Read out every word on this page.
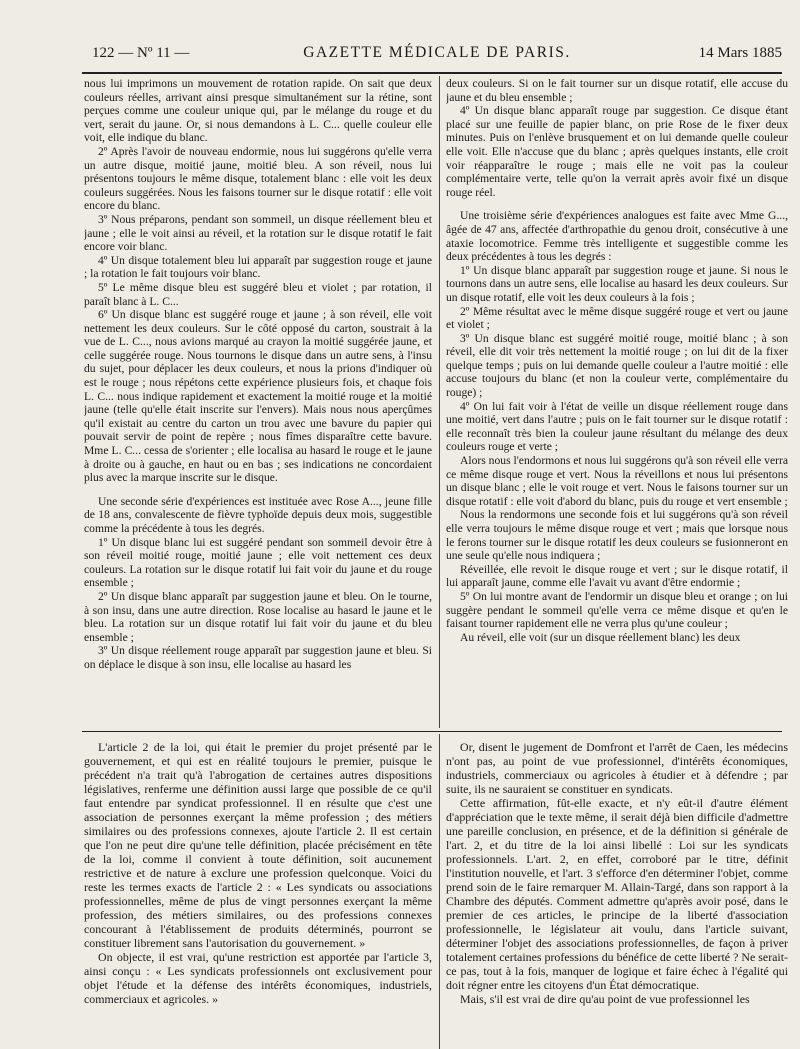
122 — Nº 11 —	GAZETTE MÉDICALE DE PARIS.	14 Mars 1885

nous lui imprimons un mouvement de rotation rapide. On sait que deux couleurs réelles, arrivant ainsi presque simultanément sur la rétine, sont perçues comme une couleur unique qui, par le mélange du rouge et du vert, serait du jaune. Or, si nous demandons à L. C... quelle couleur elle voit, elle indique du blanc.

2º Après l'avoir de nouveau endormie, nous lui suggérons qu'elle verra un autre disque, moitié jaune, moitié bleu. A son réveil, nous lui présentons toujours le même disque, totalement blanc : elle voit les deux couleurs suggérées. Nous les faisons tourner sur le disque rotatif : elle voit encore du blanc.

3º Nous préparons, pendant son sommeil, un disque réellement bleu et jaune ; elle le voit ainsi au réveil, et la rotation sur le disque rotatif le fait encore voir blanc.

4º Un disque totalement bleu lui apparaît par suggestion rouge et jaune ; la rotation le fait toujours voir blanc.

5º Le même disque bleu est suggéré bleu et violet ; par rotation, il paraît blanc à L. C...

6º Un disque blanc est suggéré rouge et jaune ; à son réveil, elle voit nettement les deux couleurs. Sur le côté opposé du carton, soustrait à la vue de L. C..., nous avions marqué au crayon la moitié suggérée jaune, et celle suggérée rouge. Nous tournons le disque dans un autre sens, à l'insu du sujet, pour déplacer les deux couleurs, et nous la prions d'indiquer où est le rouge ; nous répétons cette expérience plusieurs fois, et chaque fois L. C... nous indique rapidement et exactement la moitié rouge et la moitié jaune (telle qu'elle était inscrite sur l'envers). Mais nous nous aperçûmes qu'il existait au centre du carton un trou avec une bavure du papier qui pouvait servir de point de repère ; nous fîmes disparaître cette bavure. Mme L. C... cessa de s'orienter ; elle localisa au hasard le rouge et le jaune à droite ou à gauche, en haut ou en bas ; ses indications ne concordaient plus avec la marque inscrite sur le disque.

Une seconde série d'expériences est instituée avec Rose A..., jeune fille de 18 ans, convalescente de fièvre typhoïde depuis deux mois, suggestible comme la précédente à tous les degrés.

1º Un disque blanc lui est suggéré pendant son sommeil devoir être à son réveil moitié rouge, moitié jaune ; elle voit nettement ces deux couleurs. La rotation sur le disque rotatif lui fait voir du jaune et du rouge ensemble ;

2º Un disque blanc apparaît par suggestion jaune et bleu. On le tourne, à son insu, dans une autre direction. Rose localise au hasard le jaune et le bleu. La rotation sur un disque rotatif lui fait voir du jaune et du bleu ensemble ;

3º Un disque réellement rouge apparaît par suggestion jaune et bleu. Si on déplace le disque à son insu, elle localise au hasard les

deux couleurs. Si on le fait tourner sur un disque rotatif, elle accuse du jaune et du bleu ensemble ;

4º Un disque blanc apparaît rouge par suggestion. Ce disque étant placé sur une feuille de papier blanc, on prie Rose de le fixer deux minutes. Puis on l'enlève brusquement et on lui demande quelle couleur elle voit. Elle n'accuse que du blanc ; après quelques instants, elle croit voir réapparaître le rouge ; mais elle ne voit pas la couleur complémentaire verte, telle qu'on la verrait après avoir fixé un disque rouge réel.

Une troisième série d'expériences analogues est faite avec Mme G..., âgée de 47 ans, affectée d'arthropathie du genou droit, consécutive à une ataxie locomotrice. Femme très intelligente et suggestible comme les deux précédentes à tous les degrés :

1º Un disque blanc apparaît par suggestion rouge et jaune. Si nous le tournons dans un autre sens, elle localise au hasard les deux couleurs. Sur un disque rotatif, elle voit les deux couleurs à la fois ;

2º Même résultat avec le même disque suggéré rouge et vert ou jaune et violet ;

3º Un disque blanc est suggéré moitié rouge, moitié blanc ; à son réveil, elle dit voir très nettement la moitié rouge ; on lui dit de la fixer quelque temps ; puis on lui demande quelle couleur a l'autre moitié : elle accuse toujours du blanc (et non la couleur verte, complémentaire du rouge) ;

4º On lui fait voir à l'état de veille un disque réellement rouge dans une moitié, vert dans l'autre ; puis on le fait tourner sur le disque rotatif : elle reconnaît très bien la couleur jaune résultant du mélange des deux couleurs rouge et verte ;

Alors nous l'endormons et nous lui suggérons qu'à son réveil elle verra ce même disque rouge et vert. Nous la réveillons et nous lui présentons un disque blanc ; elle le voit rouge et vert. Nous le faisons tourner sur un disque rotatif : elle voit d'abord du blanc, puis du rouge et vert ensemble ;

Nous la rendormons une seconde fois et lui suggérons qu'à son réveil elle verra toujours le même disque rouge et vert ; mais que lorsque nous le ferons tourner sur le disque rotatif les deux couleurs se fusionneront en une seule qu'elle nous indiquera ;

Réveillée, elle revoit le disque rouge et vert ; sur le disque rotatif, il lui apparaît jaune, comme elle l'avait vu avant d'être endormie ;

5º On lui montre avant de l'endormir un disque bleu et orange ; on lui suggère pendant le sommeil qu'elle verra ce même disque et qu'en le faisant tourner rapidement elle ne verra plus qu'une couleur ;

Au réveil, elle voit (sur un disque réellement blanc) les deux

L'article 2 de la loi, qui était le premier du projet présenté par le gouvernement, et qui est en réalité toujours le premier, puisque le précédent n'a trait qu'à l'abrogation de certaines autres dispositions législatives, renferme une définition aussi large que possible de ce qu'il faut entendre par syndicat professionnel. Il en résulte que c'est une association de personnes exerçant la même profession ; des métiers similaires ou des professions connexes, ajoute l'article 2. Il est certain que l'on ne peut dire qu'une telle définition, placée précisément en tête de la loi, comme il convient à toute définition, soit aucunement restrictive et de nature à exclure une profession quelconque. Voici du reste les termes exacts de l'article 2 : « Les syndicats ou associations professionnelles, même de plus de vingt personnes exerçant la même profession, des métiers similaires, ou des professions connexes concourant à l'établissement de produits déterminés, pourront se constituer librement sans l'autorisation du gouvernement. »

On objecte, il est vrai, qu'une restriction est apportée par l'article 3, ainsi conçu : « Les syndicats professionnels ont exclusivement pour objet l'étude et la défense des intérêts économiques, industriels, commerciaux et agricoles. »

Or, disent le jugement de Domfront et l'arrêt de Caen, les médecins n'ont pas, au point de vue professionnel, d'intérêts économiques, industriels, commerciaux ou agricoles à étudier et à défendre ; par suite, ils ne sauraient se constituer en syndicats.

Cette affirmation, fût-elle exacte, et n'y eût-il d'autre élément d'appréciation que le texte même, il serait déjà bien difficile d'admettre une pareille conclusion, en présence, et de la définition si générale de l'art. 2, et du titre de la loi ainsi libellé : Loi sur les syndicats professionnels. L'art. 2, en effet, corroboré par le titre, définit l'institution nouvelle, et l'art. 3 s'efforce d'en déterminer l'objet, comme prend soin de le faire remarquer M. Allain-Targé, dans son rapport à la Chambre des députés. Comment admettre qu'après avoir posé, dans le premier de ces articles, le principe de la liberté d'association professionnelle, le législateur ait voulu, dans l'article suivant, déterminer l'objet des associations professionnelles, de façon à priver totalement certaines professions du bénéfice de cette liberté ? Ne serait-ce pas, tout à la fois, manquer de logique et faire échec à l'égalité qui doit régner entre les citoyens d'un État démocratique.

Mais, s'il est vrai de dire qu'au point de vue professionnel les
